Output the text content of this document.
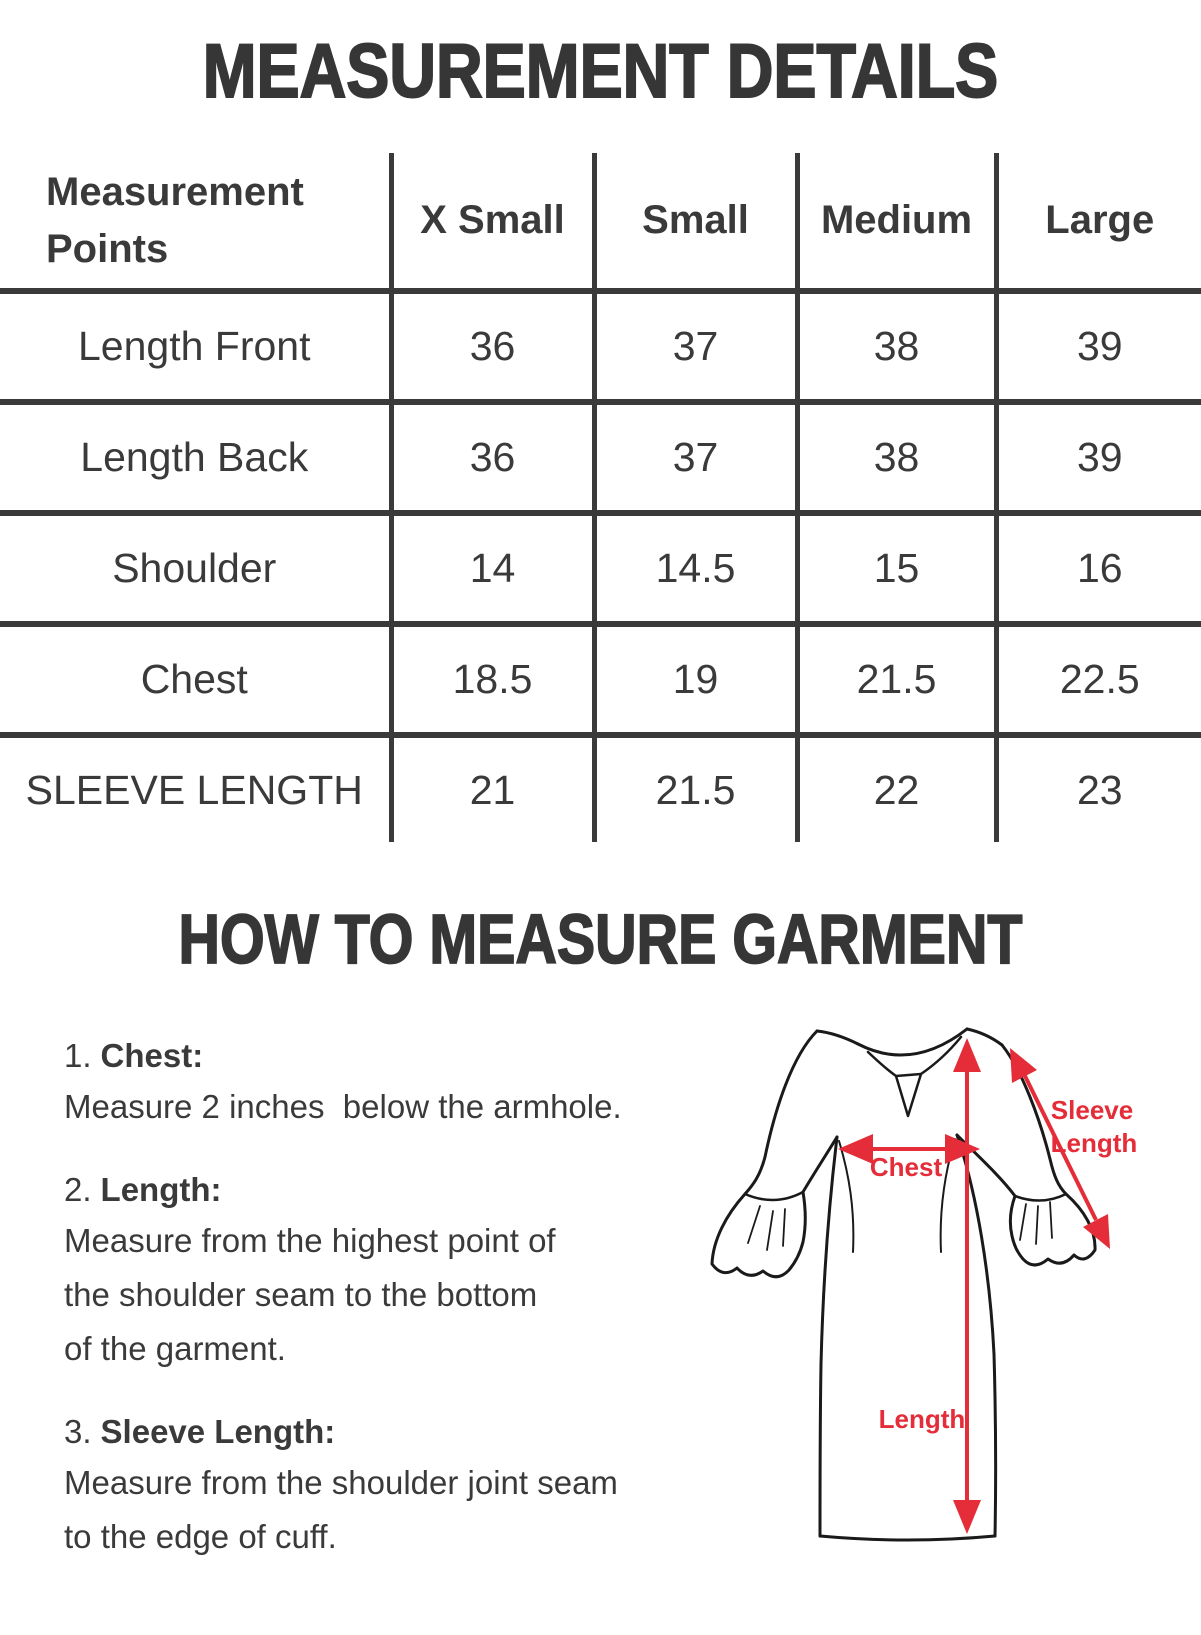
MEASUREMENT DETAILS
Measurement Points	X Small	Small	Medium	Large
Length Front	36	37	38	39
Length Back	36	37	38	39
Shoulder	14	14.5	15	16
Chest	18.5	19	21.5	22.5
SLEEVE LENGTH	21	21.5	22	23
HOW TO MEASURE GARMENT
1. Chest:
Measure 2 inches  below the armhole.
2. Length:
Measure from the highest point of
the shoulder seam to the bottom
of the garment.
3. Sleeve Length:
Measure from the shoulder joint seam
to the edge of cuff.
Chest
Length
Sleeve
Length
